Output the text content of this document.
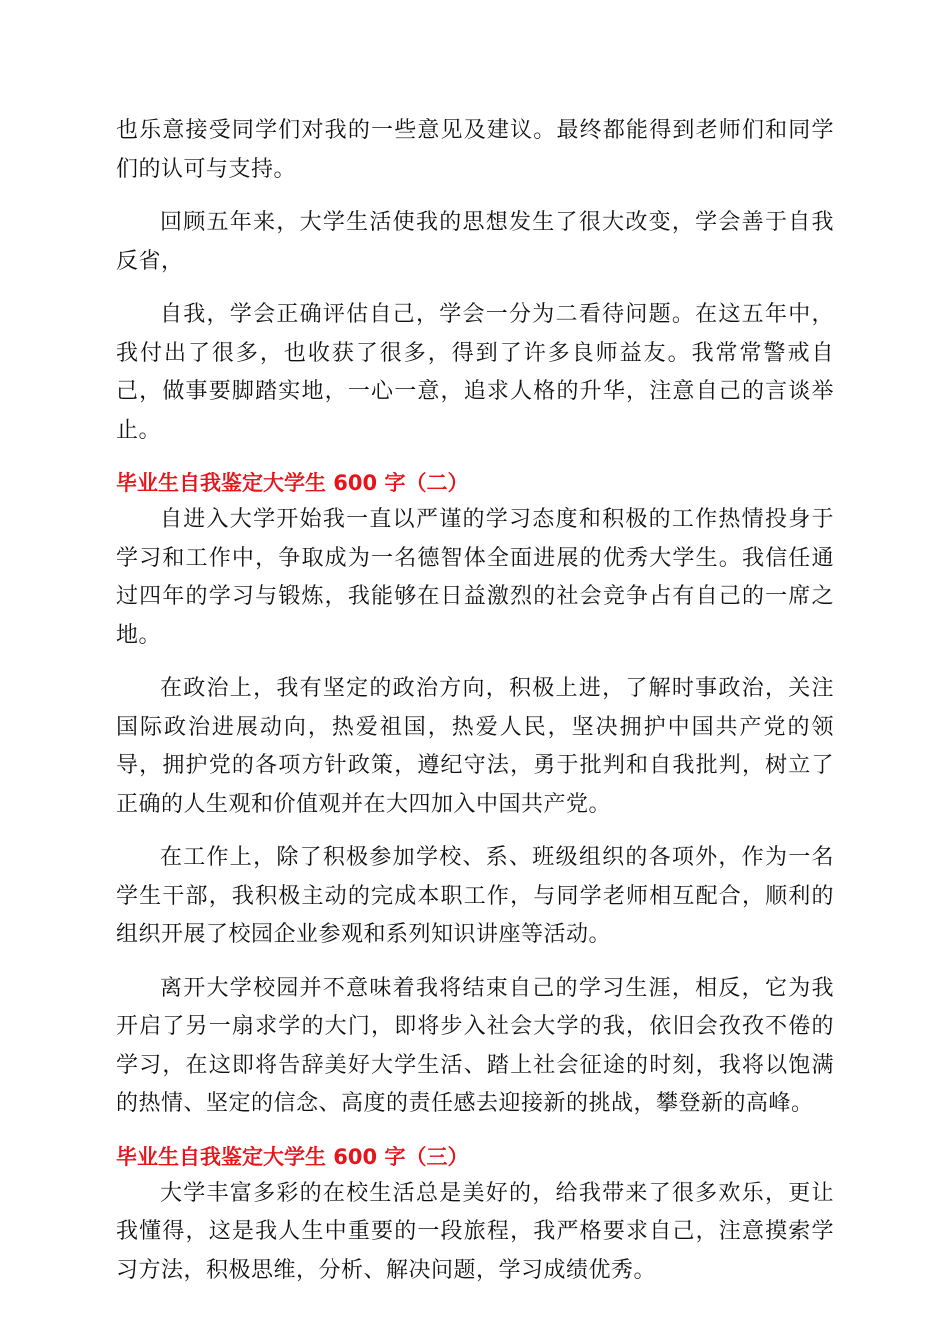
也乐意接受同学们对我的一些意见及建议。最终都能得到老师们和同学们的认可与支持。

回顾五年来，大学生活使我的思想发生了很大改变，学会善于自我反省，

自我，学会正确评估自己，学会一分为二看待问题。在这五年中，我付出了很多，也收获了很多，得到了许多良师益友。我常常警戒自己，做事要脚踏实地，一心一意，追求人格的升华，注意自己的言谈举止。

毕业生自我鉴定大学生 600 字（二）

自进入大学开始我一直以严谨的学习态度和积极的工作热情投身于学习和工作中，争取成为一名德智体全面进展的优秀大学生。我信任通过四年的学习与锻炼，我能够在日益激烈的社会竞争占有自己的一席之地。

在政治上，我有坚定的政治方向，积极上进，了解时事政治，关注国际政治进展动向，热爱祖国，热爱人民，坚决拥护中国共产党的领导，拥护党的各项方针政策，遵纪守法，勇于批判和自我批判，树立了正确的人生观和价值观并在大四加入中国共产党。

在工作上，除了积极参加学校、系、班级组织的各项外，作为一名学生干部，我积极主动的完成本职工作，与同学老师相互配合，顺利的组织开展了校园企业参观和系列知识讲座等活动。

离开大学校园并不意味着我将结束自己的学习生涯，相反，它为我开启了另一扇求学的大门，即将步入社会大学的我，依旧会孜孜不倦的学习，在这即将告辞美好大学生活、踏上社会征途的时刻，我将以饱满的热情、坚定的信念、高度的责任感去迎接新的挑战，攀登新的高峰。

毕业生自我鉴定大学生 600 字（三）

大学丰富多彩的在校生活总是美好的，给我带来了很多欢乐，更让我懂得，这是我人生中重要的一段旅程，我严格要求自己，注意摸索学习方法，积极思维，分析、解决问题，学习成绩优秀。
